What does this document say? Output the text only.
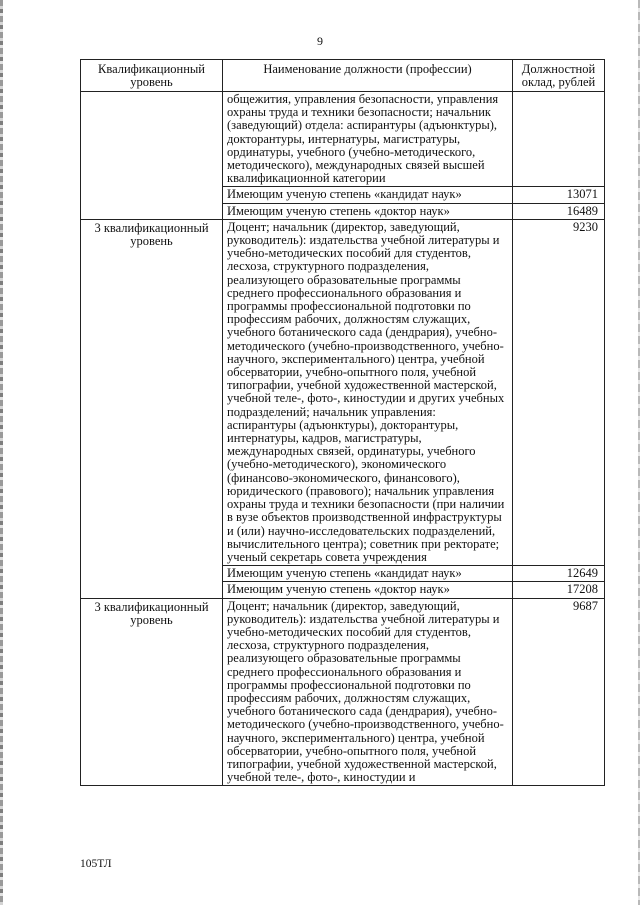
9
Квалификационный уровень	Наименование должности (профессии)	Должностной оклад, рублей
	общежития, управления безопасности, управления охраны труда и техники безопасности; начальник (заведующий) отдела: аспирантуры (адъюнктуры), докторантуры, интернатуры, магистратуры, ординатуры, учебного (учебно-методического, методического), международных связей высшей квалификационной категории	
	Имеющим ученую степень «кандидат наук»	13071
	Имеющим ученую степень «доктор наук»	16489
3 квалификационный уровень	Доцент; начальник (директор, заведующий, руководитель): издательства учебной литературы и учебно-методических пособий для студентов, лесхоза, структурного подразделения, реализующего образовательные программы среднего профессионального образования и программы профессиональной подготовки по профессиям рабочих, должностям служащих, учебного ботанического сада (дендрария), учебно-методического (учебно-производственного, учебно-научного, экспериментального) центра, учебной обсерватории, учебно-опытного поля, учебной типографии, учебной художественной мастерской, учебной теле-, фото-, киностудии и других учебных подразделений; начальник управления: аспирантуры (адъюнктуры), докторантуры, интернатуры, кадров, магистратуры, международных связей, ординатуры, учебного (учебно-методического), экономического (финансово-экономического, финансового), юридического (правового); начальник управления охраны труда и техники безопасности (при наличии в вузе объектов производственной инфраструктуры и (или) научно-исследовательских подразделений, вычислительного центра); советник при ректорате; ученый секретарь совета учреждения	9230
	Имеющим ученую степень «кандидат наук»	12649
	Имеющим ученую степень «доктор наук»	17208
3 квалификационный уровень	Доцент; начальник (директор, заведующий, руководитель): издательства учебной литературы и учебно-методических пособий для студентов, лесхоза, структурного подразделения, реализующего образовательные программы среднего профессионального образования и программы профессиональной подготовки по профессиям рабочих, должностям служащих, учебного ботанического сада (дендрария), учебно-методического (учебно-производственного, учебно-научного, экспериментального) центра, учебной обсерватории, учебно-опытного поля, учебной типографии, учебной художественной мастерской, учебной теле-, фото-, киностудии и	9687
105ТЛ
